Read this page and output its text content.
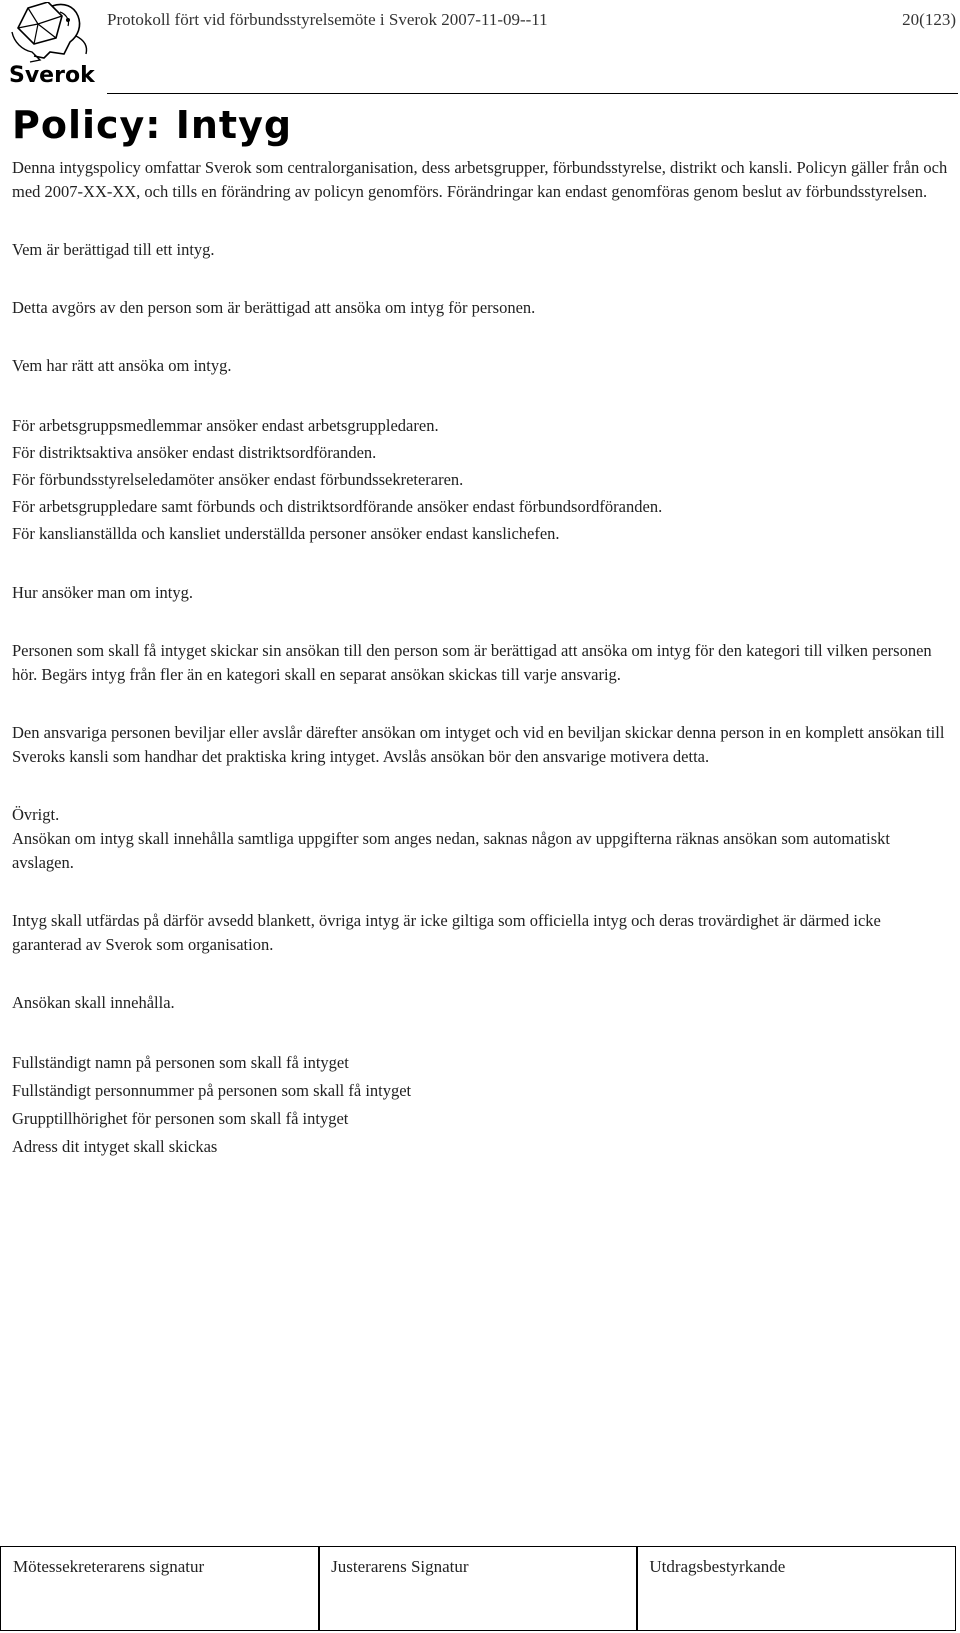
Sverok
Protokoll fört vid förbundsstyrelsemöte i Sverok 2007-11-09--11	20(123)
Policy: Intyg

Denna intygspolicy omfattar Sverok som centralorganisation, dess arbetsgrupper, förbundsstyrelse, distrikt och kansli. Policyn gäller från och med 2007-XX-XX, och tills en förändring av policyn genomförs. Förändringar kan endast genomföras genom beslut av förbundsstyrelsen.

Vem är berättigad till ett intyg.
Detta avgörs av den person som är berättigad att ansöka om intyg för personen.
Vem har rätt att ansöka om intyg.
För arbetsgruppsmedlemmar ansöker endast arbetsgruppledaren.
För distriktsaktiva ansöker endast distriktsordföranden.
För förbundsstyrelseledamöter ansöker endast förbundssekreteraren.
För arbetsgruppledare samt förbunds och distriktsordförande ansöker endast förbundsordföranden.
För kanslianställda och kansliet underställda personer ansöker endast kanslichefen.
Hur ansöker man om intyg.

Personen som skall få intyget skickar sin ansökan till den person som är berättigad att ansöka om intyg för den kategori till vilken personen hör. Begärs intyg från fler än en kategori skall en separat ansökan skickas till varje ansvarig.

Den ansvariga personen beviljar eller avslår därefter ansökan om intyget och vid en beviljan skickar denna person in en komplett ansökan till Sveroks kansli som handhar det praktiska kring intyget. Avslås ansökan bör den ansvarige motivera detta.

Övrigt.

Ansökan om intyg skall innehålla samtliga uppgifter som anges nedan, saknas någon av uppgifterna räknas ansökan som automatiskt avslagen.

Intyg skall utfärdas på därför avsedd blankett, övriga intyg är icke giltiga som officiella intyg och deras trovärdighet är därmed icke garanterad av Sverok som organisation.

Ansökan skall innehålla.
Fullständigt namn på personen som skall få intyget
Fullständigt personnummer på personen som skall få intyget
Grupptillhörighet för personen som skall få intyget
Adress dit intyget skall skickas
Mötessekreterarens signatur	Justerarens Signatur	Utdragsbestyrkande
